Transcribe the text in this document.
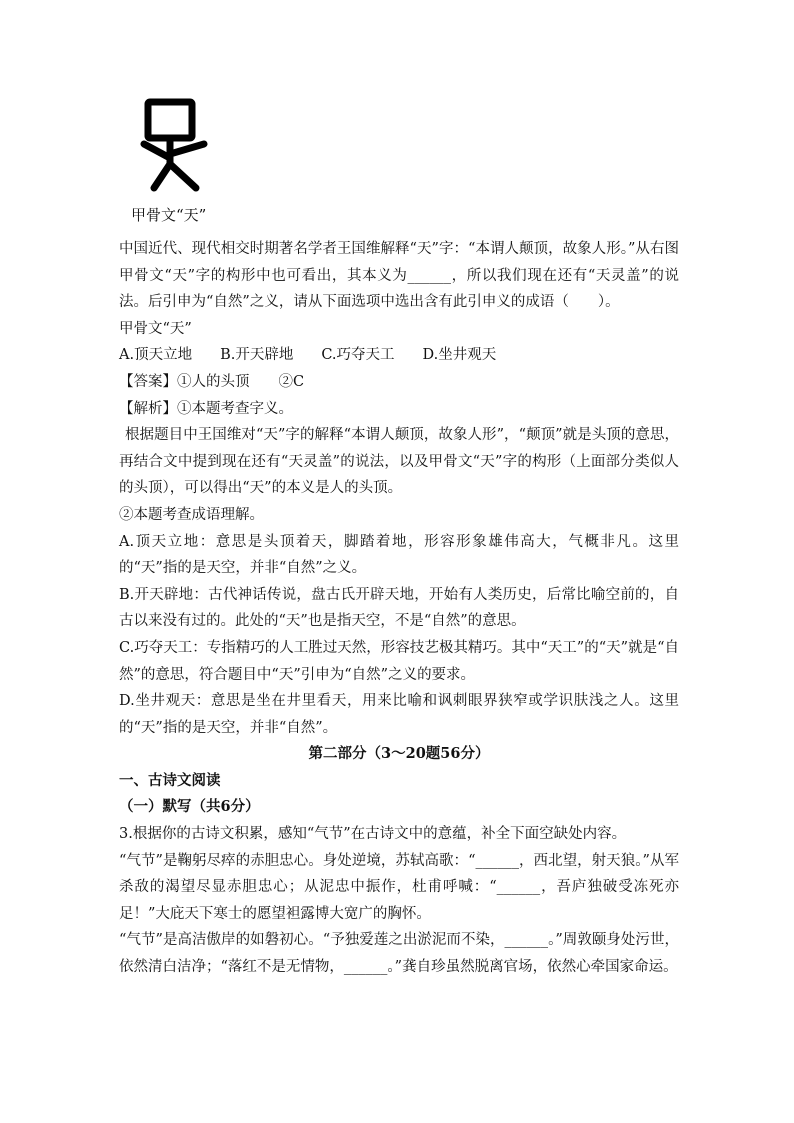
甲骨文“天”

中国近代、现代相交时期著名学者王国维解释“天”字：“本谓人颠顶，故象人形。”从右图甲骨文“天”字的构形中也可看出，其本义为______，所以我们现在还有“天灵盖”的说法。后引申为“自然”之义，请从下面选项中选出含有此引申义的成语（　　）。

甲骨文“天”

A.顶天立地 B.开天辟地 C.巧夺天工 D.坐井观天

【答案】①人的头顶　　②C

【解析】①本题考查字义。

根据题目中王国维对“天”字的解释“本谓人颠顶，故象人形”，“颠顶”就是头顶的意思，再结合文中提到现在还有“天灵盖”的说法，以及甲骨文“天”字的构形（上面部分类似人的头顶），可以得出“天”的本义是人的头顶。

②本题考查成语理解。

A.顶天立地：意思是头顶着天，脚踏着地，形容形象雄伟高大，气概非凡。这里的“天”指的是天空，并非“自然”之义。

B.开天辟地：古代神话传说，盘古氏开辟天地，开始有人类历史，后常比喻空前的，自古以来没有过的。此处的“天”也是指天空，不是“自然”的意思。

C.巧夺天工：专指精巧的人工胜过天然，形容技艺极其精巧。其中“天工”的“天”就是“自然”的意思，符合题目中“天”引申为“自然”之义的要求。

D.坐井观天：意思是坐在井里看天，用来比喻和讽刺眼界狭窄或学识肤浅之人。这里的“天”指的是天空，并非“自然”。

第二部分（3～20题56分）

一、古诗文阅读

（一）默写（共6分）

3.根据你的古诗文积累，感知“气节”在古诗文中的意蕴，补全下面空缺处内容。

“气节”是鞠躬尽瘁的赤胆忠心。身处逆境，苏轼高歌：“______，西北望，射天狼。”从军杀敌的渴望尽显赤胆忠心；从泥忠中振作，杜甫呼喊：“______，吾庐独破受冻死亦足！”大庇天下寒士的愿望袒露博大宽广的胸怀。

“气节”是高洁傲岸的如磐初心。“予独爱莲之出淤泥而不染，______。”周敦颐身处污世，依然清白洁净；“落红不是无情物，______。”龚自珍虽然脱离官场，依然心牵国家命运。
